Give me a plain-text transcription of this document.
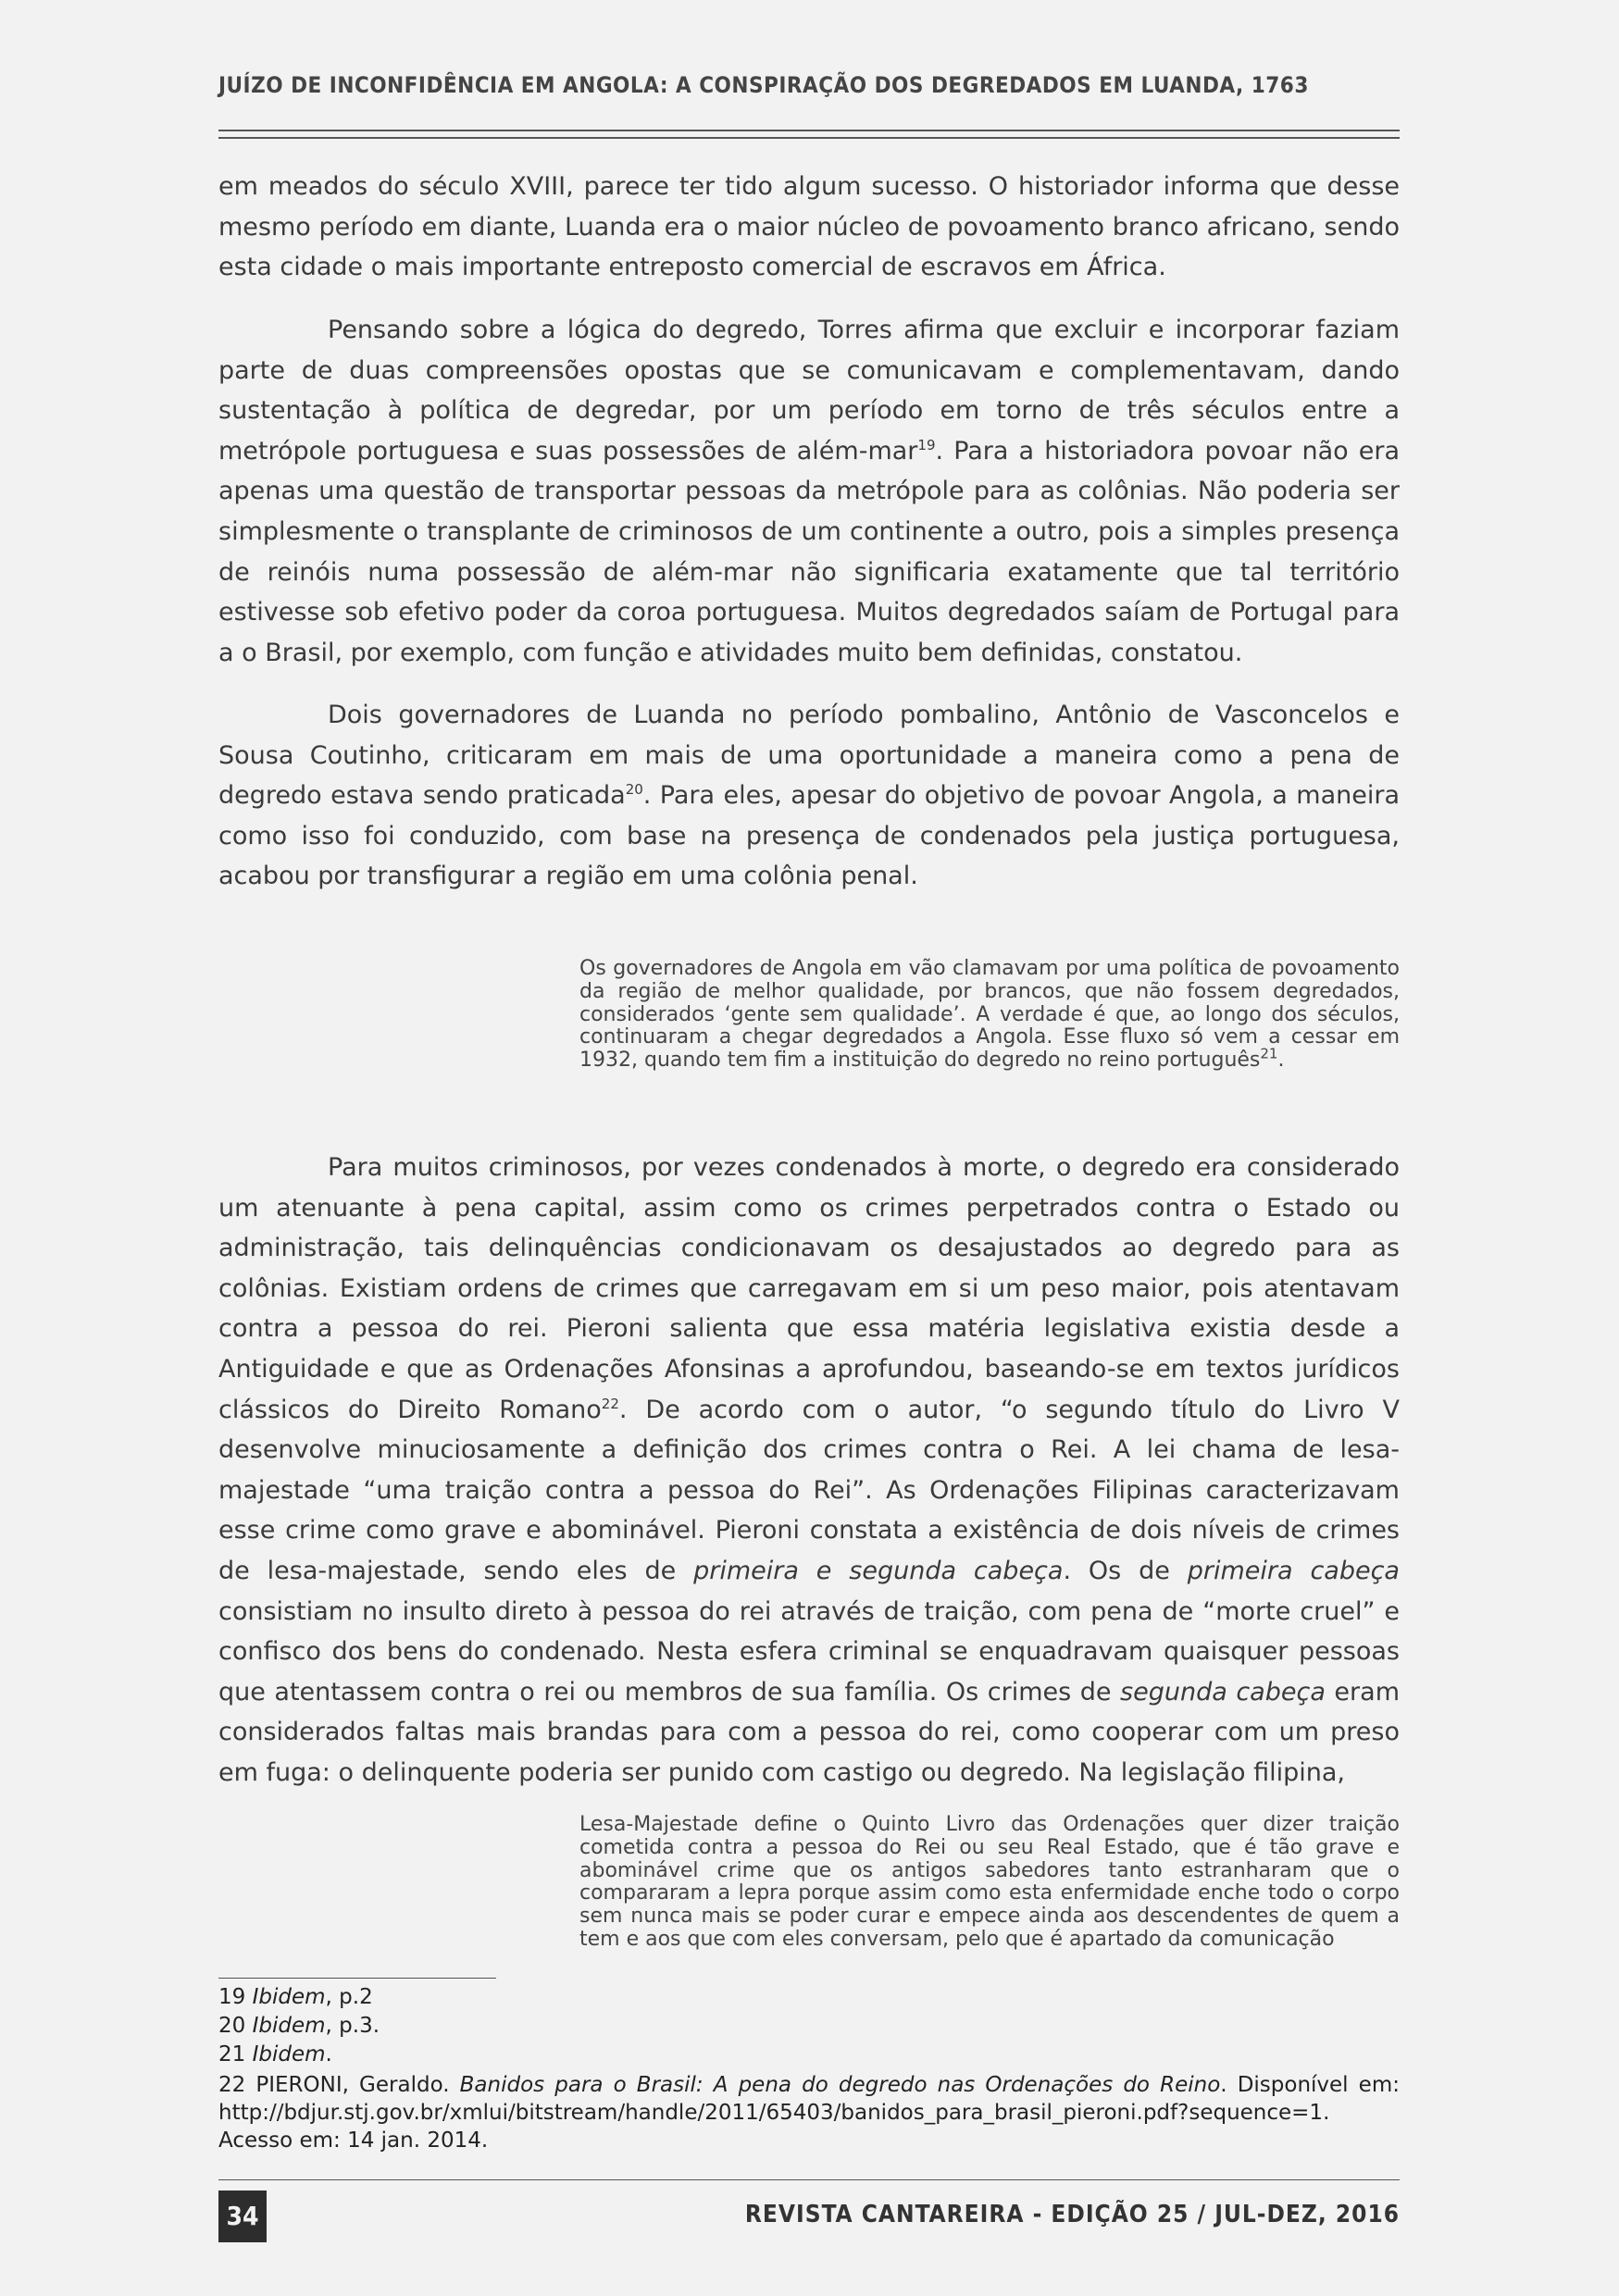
JUÍZO DE INCONFIDÊNCIA EM ANGOLA: A CONSPIRAÇÃO DOS DEGREDADOS EM LUANDA, 1763

em meados do século XVIII, parece ter tido algum sucesso. O historiador informa que desse mesmo período em diante, Luanda era o maior núcleo de povoamento branco africano, sendo esta cidade o mais importante entreposto comercial de escravos em África.

Pensando sobre a lógica do degredo, Torres afirma que excluir e incorporar faziam parte de duas compreensões opostas que se comunicavam e complementavam, dando sustentação à política de degredar, por um período em torno de três séculos entre a metrópole portuguesa e suas possessões de além-mar$^{19}$. Para a historiadora povoar não era apenas uma questão de transportar pessoas da metrópole para as colônias. Não poderia ser simplesmente o transplante de criminosos de um continente a outro, pois a simples presença de reinóis numa possessão de além-mar não significaria exatamente que tal território estivesse sob efetivo poder da coroa portuguesa. Muitos degredados saíam de Portugal para a o Brasil, por exemplo, com função e atividades muito bem definidas, constatou.

Dois governadores de Luanda no período pombalino, Antônio de Vasconcelos e Sousa Coutinho, criticaram em mais de uma oportunidade a maneira como a pena de degredo estava sendo praticada$^{20}$. Para eles, apesar do objetivo de povoar Angola, a maneira como isso foi conduzido, com base na presença de condenados pela justiça portuguesa, acabou por transfigurar a região em uma colônia penal.

Os governadores de Angola em vão clamavam por uma política de povoamento da região de melhor qualidade, por brancos, que não fossem degredados, considerados ‘gente sem qualidade’. A verdade é que, ao longo dos séculos, continuaram a chegar degredados a Angola. Esse fluxo só vem a cessar em 1932, quando tem fim a instituição do degredo no reino português$^{21}$.

Para muitos criminosos, por vezes condenados à morte, o degredo era considerado um atenuante à pena capital, assim como os crimes perpetrados contra o Estado ou administração, tais delinquências condicionavam os desajustados ao degredo para as colônias. Existiam ordens de crimes que carregavam em si um peso maior, pois atentavam contra a pessoa do rei. Pieroni salienta que essa matéria legislativa existia desde a Antiguidade e que as Ordenações Afonsinas a aprofundou, baseando-se em textos jurídicos clássicos do Direito Romano$^{22}$. De acordo com o autor, “o segundo título do Livro V desenvolve minuciosamente a definição dos crimes contra o Rei. A lei chama de lesa-majestade “uma traição contra a pessoa do Rei”. As Ordenações Filipinas caracterizavam esse crime como grave e abominável. Pieroni constata a existência de dois níveis de crimes de lesa-majestade, sendo eles de primeira e segunda cabeça. Os de primeira cabeça consistiam no insulto direto à pessoa do rei através de traição, com pena de “morte cruel” e confisco dos bens do condenado. Nesta esfera criminal se enquadravam quaisquer pessoas que atentassem contra o rei ou membros de sua família. Os crimes de segunda cabeça eram considerados faltas mais brandas para com a pessoa do rei, como cooperar com um preso em fuga: o delinquente poderia ser punido com castigo ou degredo. Na legislação filipina,

Lesa-Majestade define o Quinto Livro das Ordenações quer dizer traição cometida contra a pessoa do Rei ou seu Real Estado, que é tão grave e abominável crime que os antigos sabedores tanto estranharam que o compararam a lepra porque assim como esta enfermidade enche todo o corpo sem nunca mais se poder curar e empece ainda aos descendentes de quem a tem e aos que com eles conversam, pelo que é apartado da comunicação

19 Ibidem, p.2
20 Ibidem, p.3.
21 Ibidem.
22 PIERONI, Geraldo. Banidos para o Brasil: A pena do degredo nas Ordenações do Reino. Disponível em: http://bdjur.stj.gov.br/xmlui/bitstream/handle/2011/65403/banidos_para_brasil_pieroni.pdf?sequence=1. Acesso em: 14 jan. 2014.
34	REVISTA CANTAREIRA - EDIÇÃO 25 / JUL-DEZ, 2016
